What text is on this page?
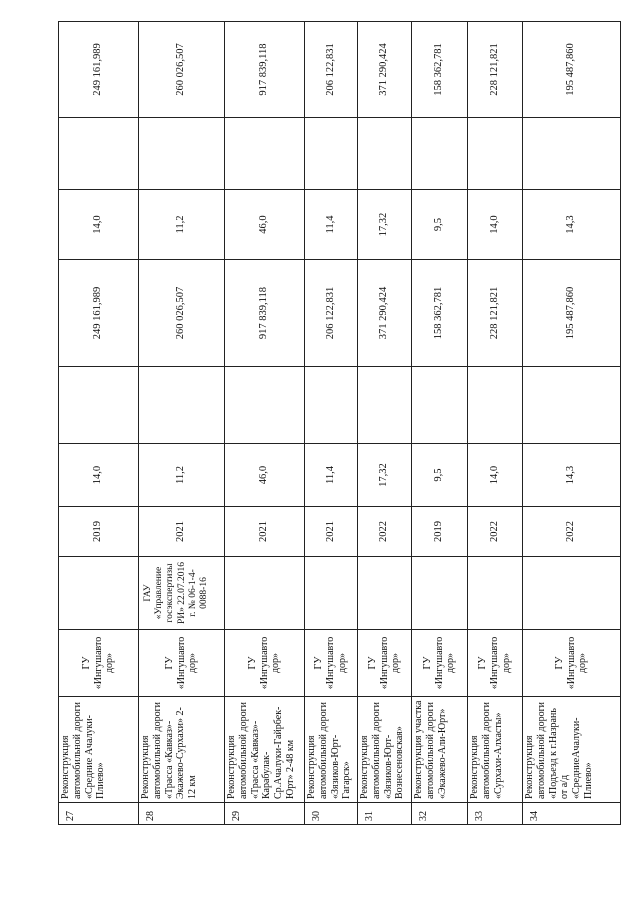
27	Реконструкция автомобильной дороги «Средние Ачалуки-Плиево»	ГУ «Ингушавто дор»		2019	14,0		249 161,989	14,0		249 161,989
28	Реконструкция автомобильной дороги «Трасса «Кавказ»-Экажево-Сурхахи» 2-12 км	ГУ «Ингушавто дор»	ГАУ «Управление госэкспертизы РИ» 22.07.2016 г. № 06-1-4-0088-16	2021	11,2		260 026,507	11,2		260 026,507
29	Реконструкция автомобильной дороги «Трасса «Кавказ»-Карабулак-Ср.Ачалуки-Гайрбек-Юрт» 2-48 км	ГУ «Ингушавто дор»		2021	46,0		917 839,118	46,0		917 839,118
30	Реконструкция автомобильной дороги «Зязиков-Юрт-Гагарск»	ГУ «Ингушавто дор»		2021	11,4		206 122,831	11,4		206 122,831
31	Реконструкция автомобильной дороги «Зязиков-Юрт-Вознесеновская»	ГУ «Ингушавто дор»		2022	17,32		371 290,424	17,32		371 290,424
32	Реконструкция участка автомобильной дороги «Экажево-Али-Юрт»	ГУ «Ингушавто дор»		2019	9,5		158 362,781	9,5		158 362,781
33	Реконструкция автомобильной дороги «Сурхахи-Алхасты»	ГУ «Ингушавто дор»		2022	14,0		228 121,821	14,0		228 121,821
34	Реконструкция автомобильной дороги «Подъезд к г.Назрань от а/д «СредниеАчалуки-Плиево»	ГУ «Ингушавто дор»		2022	14,3		195 487,860	14,3		195 487,860
